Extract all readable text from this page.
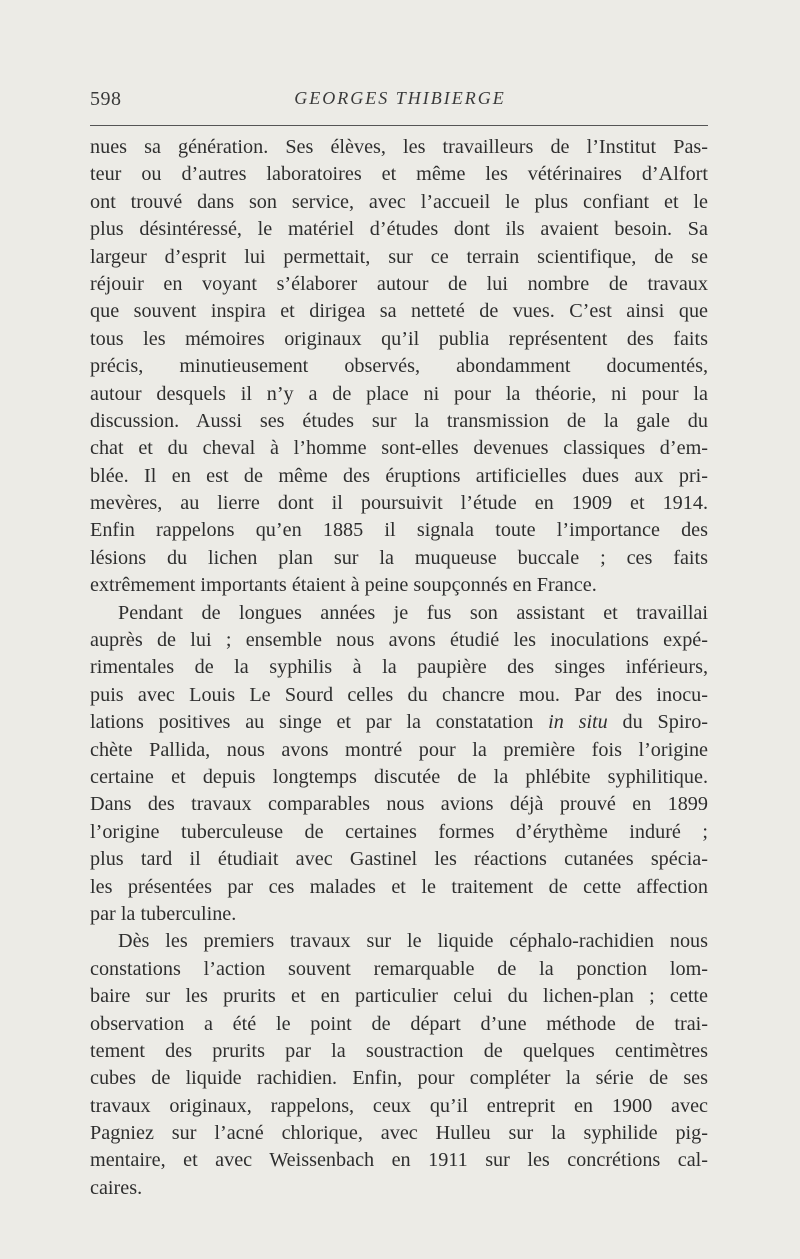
598	GEORGES THIBIERGE
nues sa génération. Ses élèves, les travailleurs de l’Institut Pas-
teur ou d’autres laboratoires et même les vétérinaires d’Alfort
ont trouvé dans son service, avec l’accueil le plus confiant et le
plus désintéressé, le matériel d’études dont ils avaient besoin. Sa
largeur d’esprit lui permettait, sur ce terrain scientifique, de se
réjouir en voyant s’élaborer autour de lui nombre de travaux
que souvent inspira et dirigea sa netteté de vues. C’est ainsi que
tous les mémoires originaux qu’il publia représentent des faits
précis, minutieusement observés, abondamment documentés,
autour desquels il n’y a de place ni pour la théorie, ni pour la
discussion. Aussi ses études sur la transmission de la gale du
chat et du cheval à l’homme sont-elles devenues classiques d’em-
blée. Il en est de même des éruptions artificielles dues aux pri-
mevères, au lierre dont il poursuivit l’étude en 1909 et 1914.
Enfin rappelons qu’en 1885 il signala toute l’importance des
lésions du lichen plan sur la muqueuse buccale ; ces faits
extrêmement importants étaient à peine soupçonnés en France.
Pendant de longues années je fus son assistant et travaillai
auprès de lui ; ensemble nous avons étudié les inoculations expé-
rimentales de la syphilis à la paupière des singes inférieurs,
puis avec Louis Le Sourd celles du chancre mou. Par des inocu-
lations positives au singe et par la constatation in situ du Spiro-
chète Pallida, nous avons montré pour la première fois l’origine
certaine et depuis longtemps discutée de la phlébite syphilitique.
Dans des travaux comparables nous avions déjà prouvé en 1899
l’origine tuberculeuse de certaines formes d’érythème induré ;
plus tard il étudiait avec Gastinel les réactions cutanées spécia-
les présentées par ces malades et le traitement de cette affection
par la tuberculine.
Dès les premiers travaux sur le liquide céphalo-rachidien nous
constations l’action souvent remarquable de la ponction lom-
baire sur les prurits et en particulier celui du lichen-plan ; cette
observation a été le point de départ d’une méthode de trai-
tement des prurits par la soustraction de quelques centimètres
cubes de liquide rachidien. Enfin, pour compléter la série de ses
travaux originaux, rappelons, ceux qu’il entreprit en 1900 avec
Pagniez sur l’acné chlorique, avec Hulleu sur la syphilide pig-
mentaire, et avec Weissenbach en 1911 sur les concrétions cal-
caires.
